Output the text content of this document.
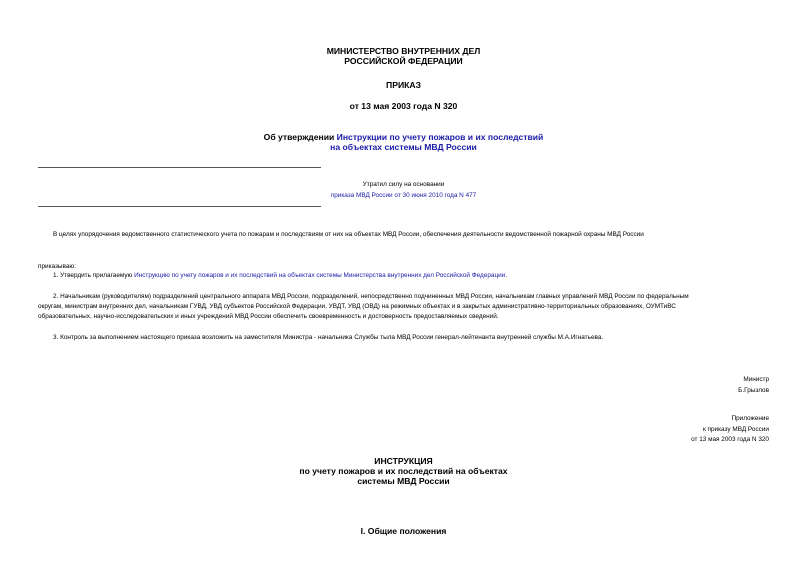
МИНИСТЕРСТВО ВНУТРЕННИХ ДЕЛ
РОССИЙСКОЙ ФЕДЕРАЦИИ
ПРИКАЗ
от 13 мая 2003 года N 320
Об утверждении Инструкции по учету пожаров и их последствий
на объектах системы МВД России
Утратил силу на основании
приказа МВД России от 30 июня 2010 года N 477
В целях упорядочения ведомственного статистического учета по пожарам и последствиям от них на объектах МВД России, обеспечения деятельности ведомственной пожарной охраны МВД России
приказываю:
1. Утвердить прилагаемую Инструкцию по учету пожаров и их последствий на объектах системы Министерства внутренних дел Российской Федерации.
2. Начальникам (руководителям) подразделений центрального аппарата МВД России, подразделений, непосредственно подчиненных МВД России, начальникам главных управлений МВД России по федеральным
округам, министрам внутренних дел, начальникам ГУВД, УВД субъектов Российской Федерации, УВДТ, УВД (ОВД) на режимных объектах и в закрытых административно-территориальных образованиях, ОУМТиВС
образовательных, научно-исследовательских и иных учреждений МВД России обеспечить своевременность и достоверность предоставляемых сведений.
3. Контроль за выполнением настоящего приказа возложить на заместителя Министра - начальника Службы тыла МВД России генерал-лейтенанта внутренней службы М.А.Игнатьева.
Министр
Б.Грызлов
Приложение
к приказу МВД России
от 13 мая 2003 года N 320
ИНСТРУКЦИЯ
по учету пожаров и их последствий на объектах
системы МВД России
I. Общие положения
